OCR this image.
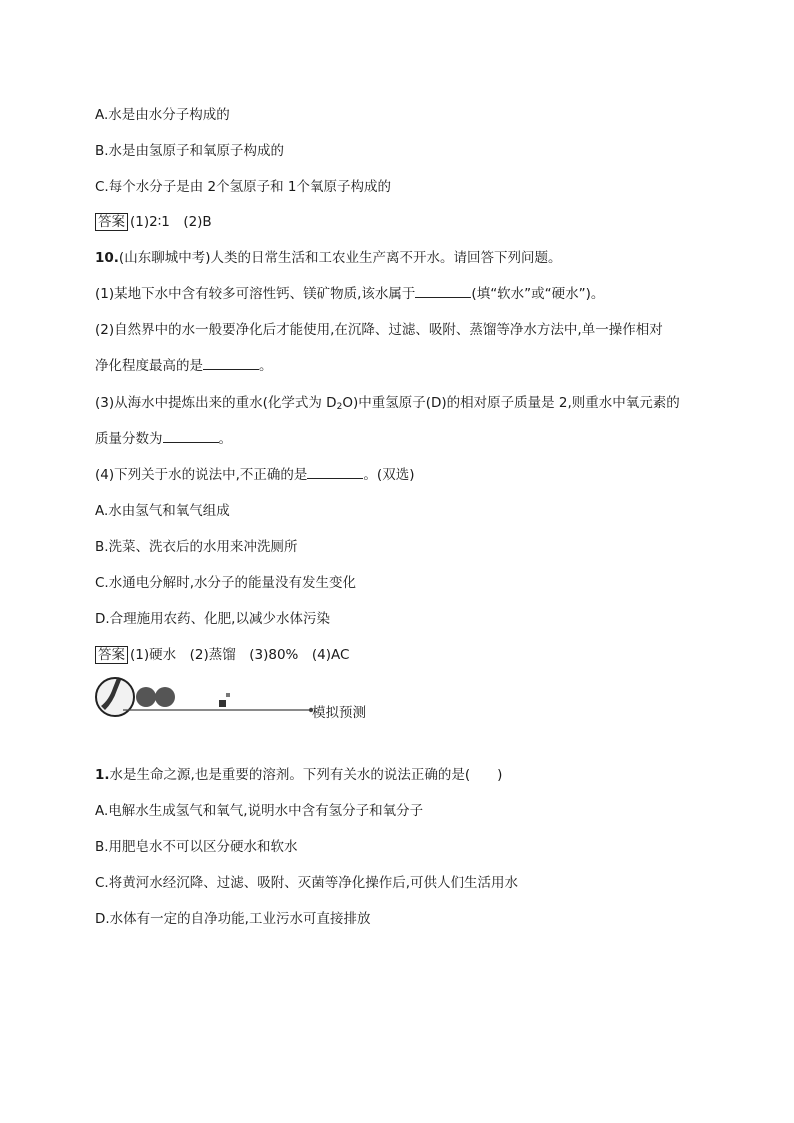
A.水是由水分子构成的
B.水是由氢原子和氧原子构成的
C.每个水分子是由 2个氢原子和 1个氧原子构成的
答案 (1)2∶1　(2)B
10.(山东聊城中考)人类的日常生活和工农业生产离不开水。请回答下列问题。
(1)某地下水中含有较多可溶性钙、镁矿物质,该水属于	(填“软水”或“硬水”)。
(2)自然界中的水一般要净化后才能使用,在沉降、过滤、吸附、蒸馏等净水方法中,单一操作相对
净化程度最高的是	。
(3)从海水中提炼出来的重水(化学式为 $D_2O$)中重氢原子(D)的相对原子质量是 2,则重水中氧元素的
质量分数为	。
(4)下列关于水的说法中,不正确的是	。(双选)
A.水由氢气和氧气组成
B.洗菜、洗衣后的水用来冲洗厕所
C.水通电分解时,水分子的能量没有发生变化
D.合理施用农药、化肥,以减少水体污染
答案 (1)硬水　(2)蒸馏　(3)80%　(4)AC
模拟预测
1.水是生命之源,也是重要的溶剂。下列有关水的说法正确的是(　　)
A.电解水生成氢气和氧气,说明水中含有氢分子和氧分子
B.用肥皂水不可以区分硬水和软水
C.将黄河水经沉降、过滤、吸附、灭菌等净化操作后,可供人们生活用水
D.水体有一定的自净功能,工业污水可直接排放
